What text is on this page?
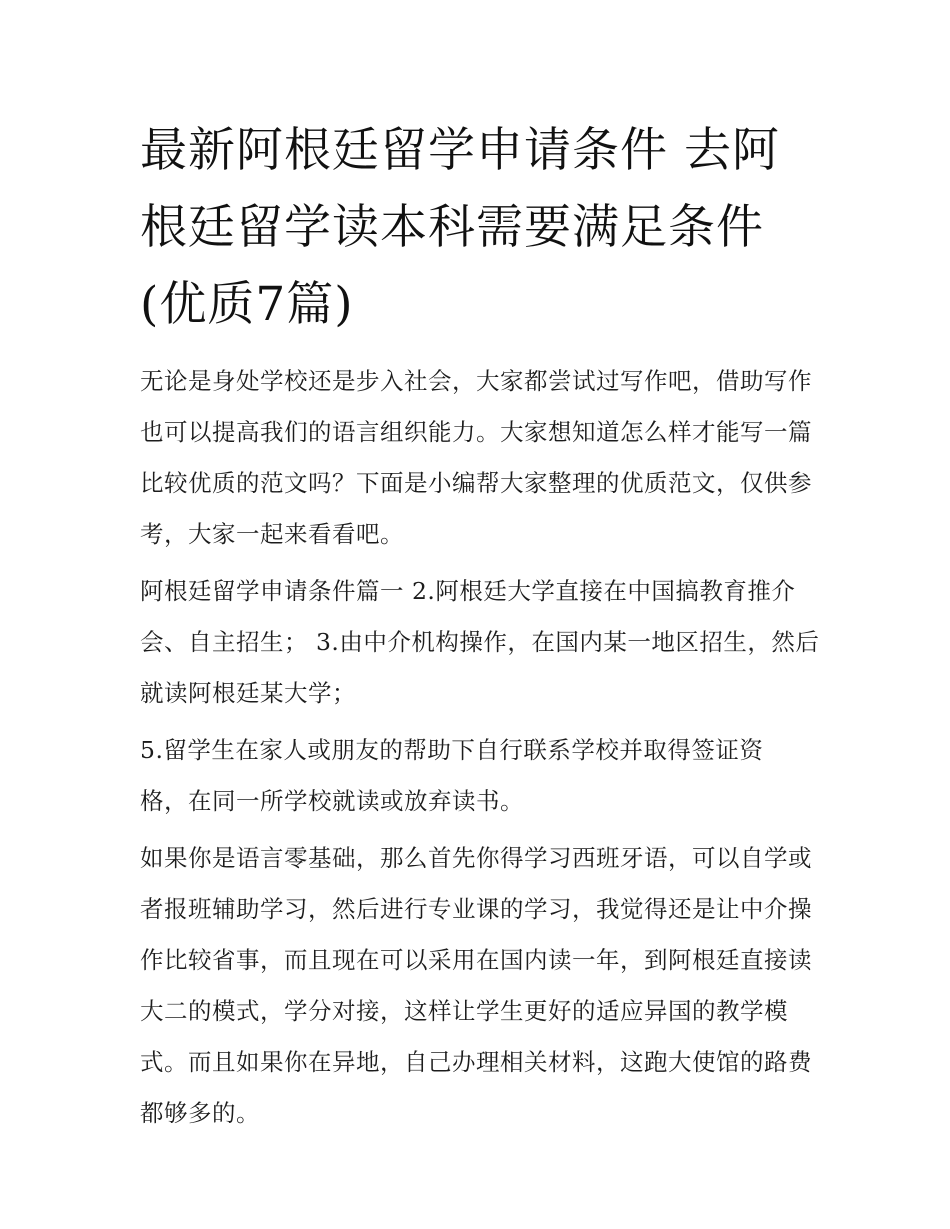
最新阿根廷留学申请条件 去阿根廷留学读本科需要满足条件(优质7篇)

无论是身处学校还是步入社会，大家都尝试过写作吧，借助写作也可以提高我们的语言组织能力。大家想知道怎么样才能写一篇比较优质的范文吗？下面是小编帮大家整理的优质范文，仅供参考，大家一起来看看吧。

阿根廷留学申请条件篇一 2.阿根廷大学直接在中国搞教育推介会、自主招生； 3.由中介机构操作，在国内某一地区招生，然后就读阿根廷某大学；

5.留学生在家人或朋友的帮助下自行联系学校并取得签证资格，在同一所学校就读或放弃读书。

如果你是语言零基础，那么首先你得学习西班牙语，可以自学或者报班辅助学习，然后进行专业课的学习，我觉得还是让中介操作比较省事，而且现在可以采用在国内读一年，到阿根廷直接读大二的模式，学分对接，这样让学生更好的适应异国的教学模式。而且如果你在异地，自己办理相关材料，这跑大使馆的路费都够多的。
